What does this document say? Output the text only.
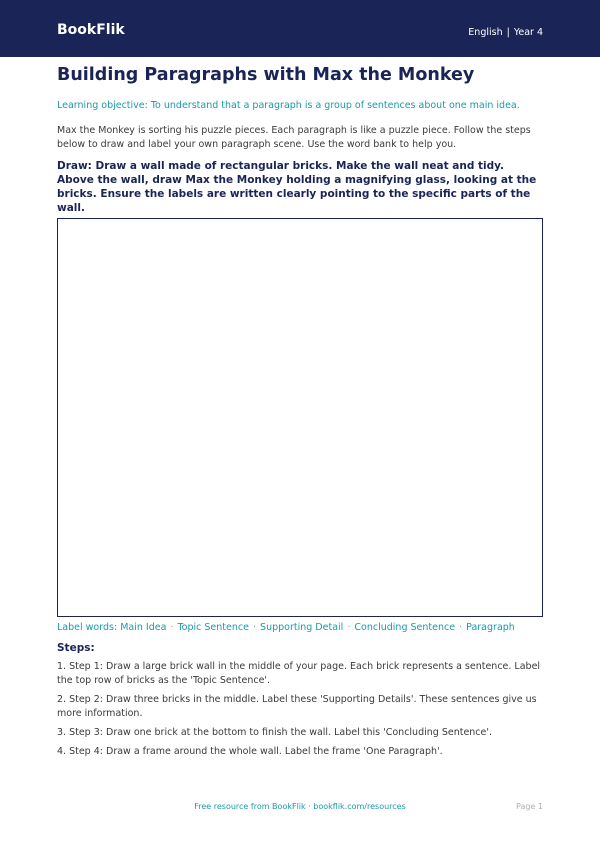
BookFlik	English | Year 4
Building Paragraphs with Max the Monkey
Learning objective: To understand that a paragraph is a group of sentences about one main idea.
Max the Monkey is sorting his puzzle pieces. Each paragraph is like a puzzle piece. Follow the steps below to draw and label your own paragraph scene. Use the word bank to help you.
Draw: Draw a wall made of rectangular bricks. Make the wall neat and tidy. Above the wall, draw Max the Monkey holding a magnifying glass, looking at the bricks. Ensure the labels are written clearly pointing to the specific parts of the wall.
Label words: Main Idea · Topic Sentence · Supporting Detail · Concluding Sentence · Paragraph
Steps:
1. Step 1: Draw a large brick wall in the middle of your page. Each brick represents a sentence. Label the top row of bricks as the 'Topic Sentence'.
2. Step 2: Draw three bricks in the middle. Label these 'Supporting Details'. These sentences give us more information.
3. Step 3: Draw one brick at the bottom to finish the wall. Label this 'Concluding Sentence'.
4. Step 4: Draw a frame around the whole wall. Label the frame 'One Paragraph'.
Free resource from BookFlik · bookflik.com/resources	Page 1
